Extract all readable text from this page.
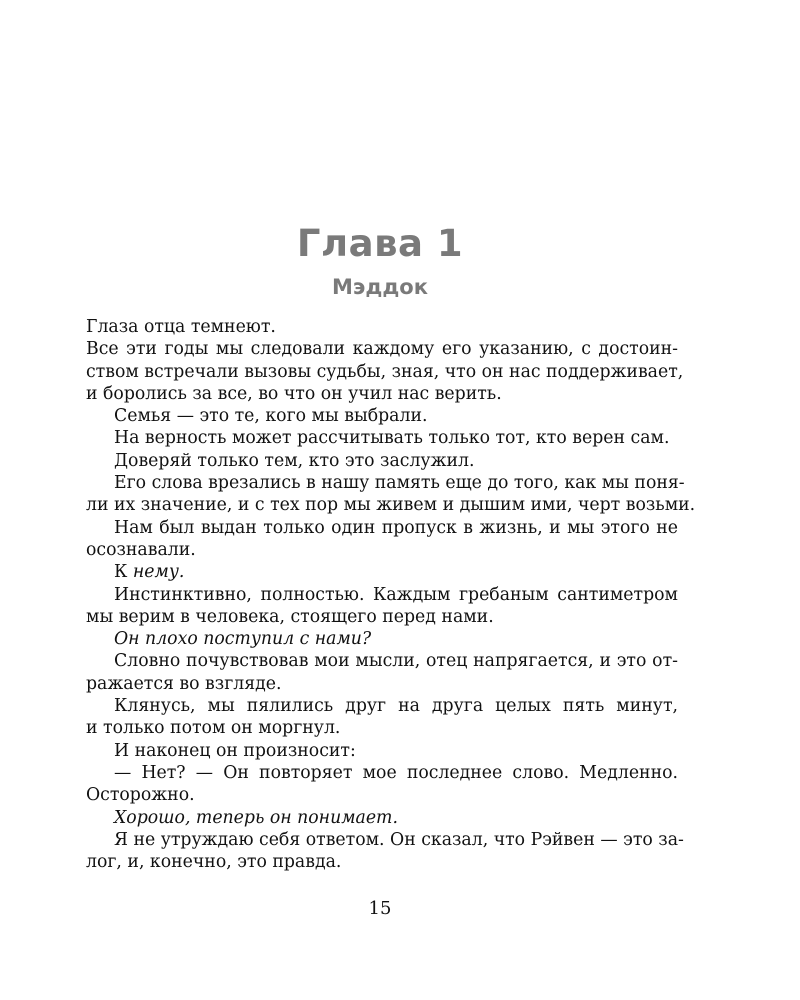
Глава 1
Мэддок
Глаза отца темнеют.
Все эти годы мы следовали каждому его указанию, с достоин-
ством встречали вызовы судьбы, зная, что он нас поддерживает,
и боролись за все, во что он учил нас верить.
Семья — это те, кого мы выбрали.
На верность может рассчитывать только тот, кто верен сам.
Доверяй только тем, кто это заслужил.
Его слова врезались в нашу память еще до того, как мы поня-
ли их значение, и с тех пор мы живем и дышим ими, черт возьми.
Нам был выдан только один пропуск в жизнь, и мы этого не
осознавали.
К нему.
Инстинктивно, полностью. Каждым гребаным сантиметром
мы верим в человека, стоящего перед нами.
Он плохо поступил с нами?
Словно почувствовав мои мысли, отец напрягается, и это от-
ражается во взгляде.
Клянусь, мы пялились друг на друга целых пять минут,
и только потом он моргнул.
И наконец он произносит:
— Нет? — Он повторяет мое последнее слово. Медленно.
Осторожно.
Хорошо, теперь он понимает.
Я не утруждаю себя ответом. Он сказал, что Рэйвен — это за-
лог, и, конечно, это правда.
15
